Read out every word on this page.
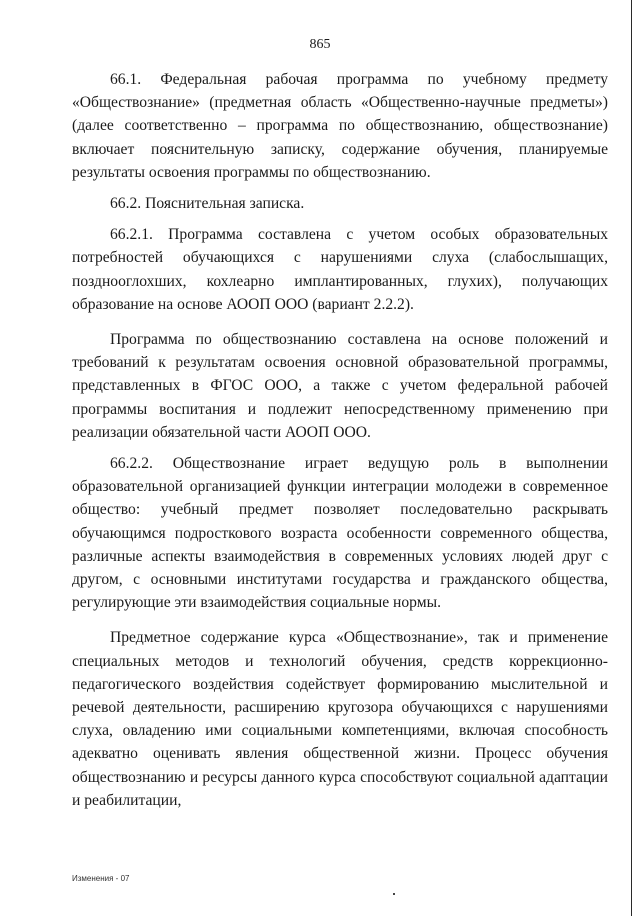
865

66.1. Федеральная рабочая программа по учебному предмету «Обществознание» (предметная область «Общественно-научные предметы») (далее соответственно – программа по обществознанию, обществознание) включает пояснительную записку, содержание обучения, планируемые результаты освоения программы по обществознанию.

66.2. Пояснительная записка.

66.2.1. Программа составлена с учетом особых образовательных потребностей обучающихся с нарушениями слуха (слабослышащих, позднооглохших, кохлеарно имплантированных, глухих), получающих образование на основе АООП ООО (вариант 2.2.2).

Программа по обществознанию составлена на основе положений и требований к результатам освоения основной образовательной программы, представленных в ФГОС ООО, а также с учетом федеральной рабочей программы воспитания и подлежит непосредственному применению при реализации обязательной части АООП ООО.

66.2.2. Обществознание играет ведущую роль в выполнении образовательной организацией функции интеграции молодежи в современное общество: учебный предмет позволяет последовательно раскрывать обучающимся подросткового возраста особенности современного общества, различные аспекты взаимодействия в современных условиях людей друг с другом, с основными институтами государства и гражданского общества, регулирующие эти взаимодействия социальные нормы.

Предметное содержание курса «Обществознание», так и применение специальных методов и технологий обучения, средств коррекционно-педагогического воздействия содействует формированию мыслительной и речевой деятельности, расширению кругозора обучающихся с нарушениями слуха, овладению ими социальными компетенциями, включая способность адекватно оценивать явления общественной жизни. Процесс обучения обществознанию и ресурсы данного курса способствуют социальной адаптации и реабилитации,

Изменения - 07
